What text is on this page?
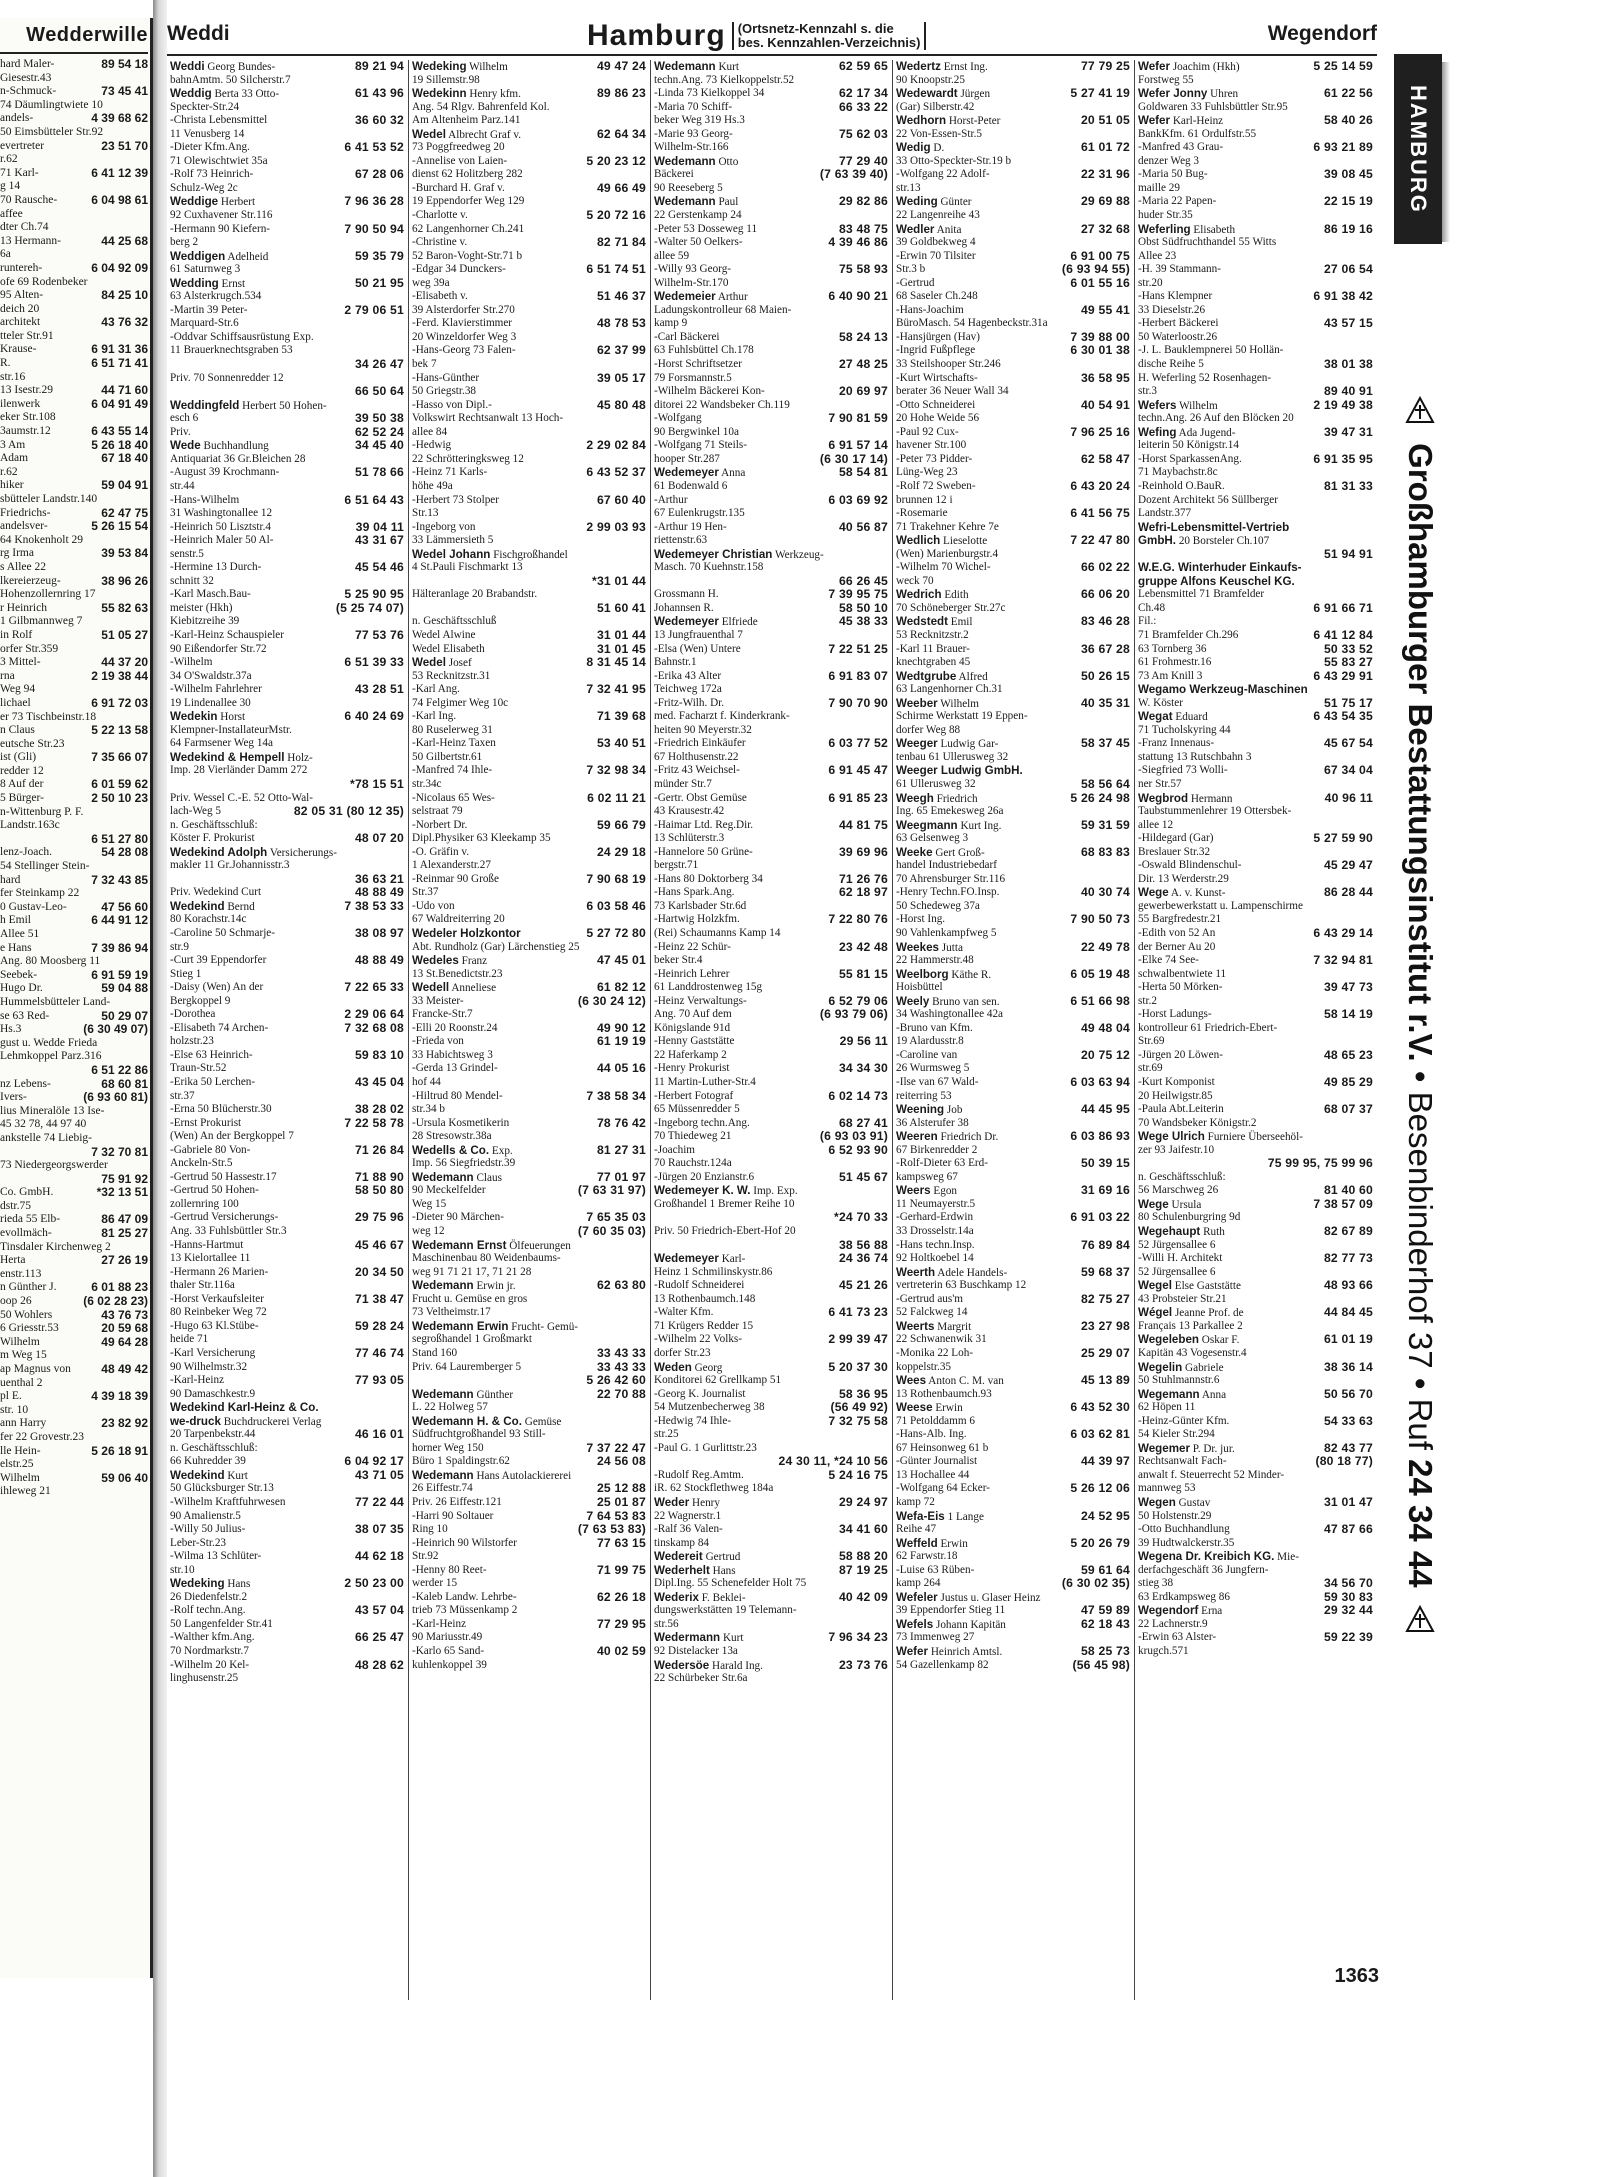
Wedderwille
hard Maler-	89 54 18
Giesestr.43
n-Schmuck-	73 45 41
74 Däumlingtwiete 10
andels-	4 39 68 62
50 Eimsbütteler Str.92
evertreter	23 51 70
r.62
71 Karl-	6 41 12 39
g 14
70 Rausche-	6 04 98 61
affee
dter Ch.74
13 Hermann-	44 25 68
6a
runtereh-	6 04 92 09
ofe 69 Rodenbeker
95 Alten-	84 25 10
deich 20
architekt	43 76 32
tteler Str.91
Krause-	6 91 31 36
R.	6 51 71 41
str.16
13 Isestr.29	44 71 60
ilenwerk	6 04 91 49
eker Str.108
3aumstr.12	6 43 55 14
3 Am	5 26 18 40
Adam	67 18 40
r.62
hiker	59 04 91
sbütteler Landstr.140
Friedrichs-	62 47 75
andelsver-	5 26 15 54
64 Knokenholt 29
rg Irma	39 53 84
s Allee 22
lkereierzeug-	38 96 26
Hohenzollernring 17
r Heinrich	55 82 63
1 Gilbmannweg 7
in Rolf	51 05 27
orfer Str.359
3 Mittel-	44 37 20
rna	2 19 38 44
Weg 94
lichael	6 91 72 03
er 73 Tischbeinstr.18
n Claus	5 22 13 58
eutsche Str.23
ist (Gli)	7 35 66 07
redder 12
8 Auf der	6 01 59 62
5 Bürger-	2 50 10 23
n-Wittenburg P. F.
Landstr.163c
6 51 27 80
lenz-Joach.	54 28 08
54 Stellinger Stein-
hard	7 32 43 85
fer Steinkamp 22
0 Gustav-Leo-	47 56 60
h Emil	6 44 91 12
Allee 51
e Hans	7 39 86 94
Ang. 80 Moosberg 11
Seebek-	6 91 59 19
Hugo Dr.	59 04 88
Hummelsbütteler Land-
se 63 Red-	50 29 07
Hs.3	(6 30 49 07)
gust u. Wedde Frieda
Lehmkoppel Parz.316
6 51 22 86
nz Lebens-	68 60 81
Ivers-	(6 93 60 81)
lius Mineralöle 13 Ise-
45 32 78, 44 97 40
ankstelle 74 Liebig-
7 32 70 81
73 Niedergeorgswerder
75 91 92
Co. GmbH.	*32 13 51
dstr.75
rieda 55 Elb-	86 47 09
evollmäch-	81 25 27
Tinsdaler Kirchenweg 2
Herta	27 26 19
enstr.113
n Günther J.	6 01 88 23
oop 26	(6 02 28 23)
50 Wohlers	43 76 73
6 Griesstr.53	20 59 68
Wilhelm	49 64 28
m Weg 15
ap Magnus von	48 49 42
uenthal 2
pl E.	4 39 18 39
str. 10
ann Harry	23 82 92
fer 22 Grovestr.23
lle Hein-	5 26 18 91
elstr.25
Wilhelm	59 06 40
ihleweg 21
Weddi	Hamburg (Ortsnetz-Kennzahl s. die
bes. Kennzahlen-Verzeichnis)	Wegendorf
Weddi Georg Bundes-	89 21 94
bahnAmtm. 50 Silcherstr.7
Weddig Berta 33 Otto-	61 43 96
Speckter-Str.24
-Christa Lebensmittel	36 60 32
11 Venusberg 14
-Dieter Kfm.Ang.	6 41 53 52
71 Olewischtwiet 35a
-Rolf 73 Heinrich-	67 28 06
Schulz-Weg 2c
Weddige Herbert	7 96 36 28
92 Cuxhavener Str.116
-Hermann 90 Kiefern-	7 90 50 94
berg 2
Weddigen Adelheid	59 35 79
61 Saturnweg 3
Wedding Ernst	50 21 95
63 Alsterkrugch.534
-Martin 39 Peter-	2 79 06 51
Marquard-Str.6
-Oddvar Schiffsausrüstung Exp.
11 Brauerknechtsgraben 53
34 26 47
Priv. 70 Sonnenredder 12
66 50 64
Weddingfeld Herbert 50 Hohen-
esch 6	39 50 38
Priv.	62 52 24
Wede Buchhandlung	34 45 40
Antiquariat 36 Gr.Bleichen 28
-August 39 Krochmann-	51 78 66
str.44
-Hans-Wilhelm	6 51 64 43
31 Washingtonallee 12
-Heinrich 50 Lisztstr.4	39 04 11
-Heinrich Maler 50 Al-	43 31 67
senstr.5
-Hermine 13 Durch-	45 54 46
schnitt 32
-Karl Masch.Bau-	5 25 90 95
meister (Hkh)	(5 25 74 07)
Kiebitzreihe 39
-Karl-Heinz Schauspieler	77 53 76
90 Eißendorfer Str.72
-Wilhelm	6 51 39 33
34 O'Swaldstr.37a
-Wilhelm Fahrlehrer	43 28 51
19 Lindenallee 30
Wedekin Horst	6 40 24 69
Klempner-InstallateurMstr.
64 Farmsener Weg 14a
Wedekind & Hempell Holz-
Imp. 28 Vierländer Damm 272
*78 15 51
Priv. Wessel C.-E. 52 Otto-Wal-
lach-Weg 5	82 05 31 (80 12 35)
n. Geschäftsschluß:
Köster F. Prokurist	48 07 20
Wedekind Adolph Versicherungs-
makler 11 Gr.Johannisstr.3
36 63 21
Priv. Wedekind Curt	48 88 49
Wedekind Bernd	7 38 53 33
80 Korachstr.14c
-Caroline 50 Schmarje-	38 08 97
str.9
-Curt 39 Eppendorfer	48 88 49
Stieg 1
-Daisy (Wen) An der	7 22 65 33
Bergkoppel 9
-Dorothea	2 29 06 64
-Elisabeth 74 Archen-	7 32 68 08
holzstr.23
-Else 63 Heinrich-	59 83 10
Traun-Str.52
-Erika 50 Lerchen-	43 45 04
str.37
-Erna 50 Blücherstr.30	38 28 02
-Ernst Prokurist	7 22 58 78
(Wen) An der Bergkoppel 7
-Gabriele 80 Von-	71 26 84
Anckeln-Str.5
-Gertrud 50 Hassestr.17	71 88 90
-Gertrud 50 Hohen-	58 50 80
zollernring 100
-Gertrud Versicherungs-	29 75 96
Ang. 33 Fuhlsbüttler Str.3
-Hanns-Hartmut	45 46 67
13 Kielortallee 11
-Hermann 26 Marien-	20 34 50
thaler Str.116a
-Horst Verkaufsleiter	71 38 47
80 Reinbeker Weg 72
-Hugo 63 Kl.Stübe-	59 28 24
heide 71
-Karl Versicherung	77 46 74
90 Wilhelmstr.32
-Karl-Heinz	77 93 05
90 Damaschkestr.9
Wedekind Karl-Heinz & Co.
we-druck Buchdruckerei Verlag
20 Tarpenbekstr.44	46 16 01
n. Geschäftsschluß:
66 Kuhredder 39	6 04 92 17
Wedekind Kurt	43 71 05
50 Glücksburger Str.13
-Wilhelm Kraftfuhrwesen	77 22 44
90 Amalienstr.5
-Willy 50 Julius-	38 07 35
Leber-Str.23
-Wilma 13 Schlüter-	44 62 18
str.10
Wedeking Hans	2 50 23 00
26 Diedenfelstr.2
-Rolf techn.Ang.	43 57 04
50 Langenfelder Str.41
-Walther kfm.Ang.	66 25 47
70 Nordmarkstr.7
-Wilhelm 20 Kel-	48 28 62
linghusenstr.25
Wedeking Wilhelm	49 47 24
19 Sillemstr.98
Wedekinn Henry kfm.	89 86 23
Ang. 54 Rlgv. Bahrenfeld Kol.
Am Altenheim Parz.141
Wedel Albrecht Graf v.	62 64 34
73 Poggfreedweg 20
-Annelise von Laien-	5 20 23 12
dienst 62 Holitzberg 282
-Burchard H. Graf v.	49 66 49
19 Eppendorfer Weg 129
-Charlotte v.	5 20 72 16
62 Langenhorner Ch.241
-Christine v.	82 71 84
52 Baron-Voght-Str.71 b
-Edgar 34 Dunckers-	6 51 74 51
weg 39a
-Elisabeth v.	51 46 37
39 Alsterdorfer Str.270
-Ferd. Klaviersti​mmer	48 78 53
20 Winzeldorfer Weg 3
-Hans-Georg 73 Falen-	62 37 99
bek 7
-Hans-Günther	39 05 17
50 Griegstr.38
-Hasso von Dipl.-	45 80 48
Volkswirt Rechtsanwalt 13 Hoch-
allee 84
-Hedwig	2 29 02 84
22 Schrötteringksweg 12
-Heinz 71 Karls-	6 43 52 37
höhe 49a
-Herbert 73 Stolper	67 60 40
Str.13
-Ingeborg von	2 99 03 93
33 Lämmersieth 5
Wedel Johann Fischgroßhandel
4 St.Pauli Fischmarkt 13
*31 01 44
Hälteranlage 20 Brabandstr.
51 60 41
n. Geschäftsschluß
Wedel Alwine	31 01 44
Wedel Elisabeth	31 01 45
Wedel Josef	8 31 45 14
53 Recknitzstr.31
-Karl Ang.	7 32 41 95
74 Felgimer Weg 10c
-Karl Ing.	71 39 68
80 Ruselerweg 31
-Karl-Heinz Taxen	53 40 51
50 Gilbertstr.61
-Manfred 74 Ihle-	7 32 98 34
str.34c
-Nicolaus 65 Wes-	6 02 11 21
selstraat 79
-Norbert Dr.	59 66 79
Dipl.Physiker 63 Kleekamp 35
-O. Gräfin v.	24 29 18
1 Alexanderstr.27
-Reinmar 90 Große	7 90 68 19
Str.37
-Udo von	6 03 58 46
67 Waldreiterring 20
Wedeler Holzkontor	5 27 72 80
Abt. Rundholz (Gar) Lärchenstieg 25
Wedeles Franz	47 45 01
13 St.Benedictstr.23
Wedell Anneliese	61 82 12
33 Meister-	(6 30 24 12)
Francke-Str.7
-Elli 20 Roonstr.24	49 90 12
-Frieda von	61 19 19
33 Habichtsweg 3
-Gerda 13 Grindel-	44 05 16
hof 44
-Hiltrud 80 Mendel-	7 38 58 34
str.34 b
-Ursula Kosmetikerin	78 76 42
28 Stresowstr.38a
Wedells & Co. Exp.	81 27 31
Imp. 56 Siegfriedstr.39
Wedemann Claus	77 01 97
90 Meckelfelder	(7 63 31 97)
Weg 15
-Dieter 90 Märchen-	7 65 35 03
weg 12	(7 60 35 03)
Wedemann Ernst Ölfeuerungen
Maschinenbau 80 Weidenbaums-
weg 91 71 21 17, 71 21 28
Wedemann Erwin jr.	62 63 80
Frucht u. Gemüse en gros
73 Veltheimstr.17
Wedemann Erwin Frucht- Gemü-
segroßhandel 1 Großmarkt
Stand 160	33 43 33
Priv. 64 Lauremberger 5	33 43 33
5 26 42 60
Wedemann Günther	22 70 88
L. 22 Holweg 57
Wedemann H. & Co. Gemüse
Südfruchtgroßhandel 93 Still-
horner Weg 150	7 37 22 47
Büro 1 Spaldingstr.62	24 56 08
Wedemann Hans Autolackiererei
26 Eiffestr.74	25 12 88
Priv. 26 Eiffestr.121	25 01 87
-Harri 90 Soltauer	7 64 53 83
Ring 10	(7 63 53 83)
-Heinrich 90 Wilstorfer	77 63 15
Str.92
-Henny 80 Reet-	71 99 75
werder 15
-Kaleb Landw. Lehrbe-	62 26 18
trieb 73 Müssenkamp 2
-Karl-Heinz	77 29 95
90 Mariusstr.49
-Karlo 65 Sand-	40 02 59
kuhlenkoppel 39
Wedemann Kurt	62 59 65
techn.Ang. 73 Kielkoppelstr.52
-Linda 73 Kielkoppel 34	62 17 34
-Maria 70 Schiff-	66 33 22
beker Weg 319 Hs.3
-Marie 93 Georg-	75 62 03
Wilhelm-Str.166
Wedemann Otto	77 29 40
Bäckerei	(7 63 39 40)
90 Reeseberg 5
Wedemann Paul	29 82 86
22 Gerstenkamp 24
-Peter 53 Dosseweg 11	83 48 75
-Walter 50 Oelkers-	4 39 46 86
allee 59
-Willy 93 Georg-	75 58 93
Wilhelm-Str.170
Wedemeier Arthur	6 40 90 21
Ladungskontrolleur 68 Maien-
kamp 9
-Carl Bäckerei	58 24 13
63 Fuhlsbüttel Ch.178
-Horst Schriftsetzer	27 48 25
79 Forsmannstr.5
-Wilhelm Bäckerei Kon-	20 69 97
ditorei 22 Wandsbeker Ch.119
-Wolfgang	7 90 81 59
90 Bergwinkel 10a
-Wolfgang 71 Steils-	6 91 57 14
hooper Str.287	(6 30 17 14)
Wedemeyer Anna	58 54 81
61 Bodenwald 6
-Arthur	6 03 69 92
67 Eulenkrugstr.135
-Arthur 19 Hen-	40 56 87
riettenstr.63
Wedemeyer Christian Werkzeug-
Masch. 70 Kuehnstr.158
66 26 45
Grossmann H.	7 39 95 75
Johannsen R.	58 50 10
Wedemeyer Elfriede	45 38 33
13 Jungfrauenthal 7
-Elsa (Wen) Untere	7 22 51 25
Bahnstr.1
-Erika 43 Alter	6 91 83 07
Teichweg 172a
-Fritz-Wilh. Dr.	7 90 70 90
med. Facharzt f. Kinderkrank-
heiten 90 Meyerstr.32
-Friedrich Einkäufer	6 03 77 52
67 Holthusenstr.22
-Fritz 43 Weichsel-	6 91 45 47
münder Str.7
-Gertr. Obst Gemüse	6 91 85 23
43 Krausestr.42
-Haimar Ltd. Reg.Dir.	44 81 75
13 Schlüterstr.3
-Hannelore 50 Grüne-	39 69 96
bergstr.71
-Hans 80 Doktorberg 34	71 26 76
-Hans Spark.Ang.	62 18 97
73 Karlsbader Str.6d
-Hartwig Holzkfm.	7 22 80 76
(Rei) Schaumanns Kamp 14
-Heinz 22 Schür-	23 42 48
beker Str.4
-Heinrich Lehrer	55 81 15
61 Landdrostenweg 15g
-Heinz Verwaltungs-	6 52 79 06
Ang. 70 Auf dem	(6 93 79 06)
Königslande 91d
-Henny Gaststätte	29 56 11
22 Haferkamp 2
-Henry Prokurist	34 34 30
11 Martin-Luther-Str.4
-Herbert Fotograf	6 02 14 73
65 Müssenredder 5
-Ingeborg techn.Ang.	68 27 41
70 Thiedeweg 21	(6 93 03 91)
-Joachim	6 52 93 90
70 Rauchstr.124a
-Jürgen 20 Enzianstr.6	51 45 67
Wedemeyer K. W. Imp. Exp.
Großhandel 1 Bremer Reihe 10
*24 70 33
Priv. 50 Friedrich-Ebert-Hof 20
38 56 88
Wedemeyer Karl-	24 36 74
Heinz 1 Schmilinskystr.86
-Rudolf Schneiderei	45 21 26
13 Rothenbaumch.148
-Walter Kfm.	6 41 73 23
71 Krügers Redder 15
-Wilhelm 22 Volks-	2 99 39 47
dorfer Str.23
Weden Georg	5 20 37 30
Konditorei 62 Grellkamp 51
-Georg K. Journalist	58 36 95
54 Mutzenbecherweg 38	(56 49 92)
-Hedwig 74 Ihle-	7 32 75 58
str.25
-Paul G. 1 Gurlittstr.23
24 30 11, *24 10 56
-Rudolf Reg.Amtm.	5 24 16 75
iR. 62 Stockflethweg 184a
Weder Henry	29 24 97
22 Wagnerstr.1
-Ralf 36 Valen-	34 41 60
tinskamp 84
Wedereit Gertrud	58 88 20
Wederhelt Hans	87 19 25
Dipl.Ing. 55 Schenefelder Holt 75
Wederix F. Beklei-	40 42 09
dungswerkstätten 19 Telemann-
str.56
Wedermann Kurt	7 96 34 23
92 Distelacker 13a
Wedersöe Harald Ing.	23 73 76
22 Schürbeker Str.6a
Wedertz Ernst Ing.	77 79 25
90 Knoopstr.25
Wedewardt Jürgen	5 27 41 19
(Gar) Silberstr.42
Wedhorn Horst-Peter	20 51 05
22 Von-Essen-Str.5
Wedig D.	61 01 72
33 Otto-Speckter-Str.19 b
-Wolfgang 22 Adolf-	22 31 96
str.13
Weding Günter	29 69 88
22 Langenreihe 43
Wedler Anita	27 32 68
39 Goldbekweg 4
-Erwin 70 Tilsiter	6 91 00 75
Str.3 b	(6 93 94 55)
-Gertrud	6 01 55 16
68 Saseler Ch.248
-Hans-Joachim	49 55 41
BüroMasch. 54 Hagenbeckstr.31a
-Hansjürgen (Hav)	7 39 88 00
-Ingrid Fußpflege	6 30 01 38
33 Steilshooper Str.246
-Kurt Wirtschafts-	36 58 95
berater 36 Neuer Wall 34
-Otto Schneiderei	40 54 91
20 Hohe Weide 56
-Paul 92 Cux-	7 96 25 16
havener Str.100
-Peter 73 Pidder-	62 58 47
Lüng-Weg 23
-Rolf 72 Sweben-	6 43 20 24
brunnen 12 i
-Rosemarie	6 41 56 75
71 Trakehner Kehre 7e
Wedlich Lieselotte	7 22 47 80
(Wen) Marienburgstr.4
-Wilhelm 70 Wichel-	66 02 22
weck 70
Wedrich Edith	66 06 20
70 Schöneberger Str.27c
Wedstedt Emil	83 46 28
53 Recknitzstr.2
-Karl 11 Brauer-	36 67 28
knechtgraben 45
Wedtgrube Alfred	50 26 15
63 Langenhorner Ch.31
Weeber Wilhelm	40 35 31
Schirme Werkstatt 19 Eppen-
dorfer Weg 88
Weeger Ludwig Gar-	58 37 45
tenbau 61 Ullerusweg 32
Weeger Ludwig GmbH.
61 Ullerusweg 32	58 56 64
Weegh Friedrich	5 26 24 98
Ing. 65 Emekesweg 26a
Weegmann Kurt Ing.	59 31 59
63 Gelsenweg 3
Weeke Gert Groß-	68 83 83
handel Industriebedarf
70 Ahrensburger Str.116
-Henry Techn.FO.Insp.	40 30 74
50 Schedeweg 37a
-Horst Ing.	7 90 50 73
90 Vahlenkampfweg 5
Weekes Jutta	22 49 78
22 Hammerstr.48
Weelborg Käthe R.	6 05 19 48
Hoisbüttel
Weely Bruno van sen.	6 51 66 98
34 Washingtonallee 42a
-Bruno van Kfm.	49 48 04
19 Alardusstr.8
-Caroline van	20 75 12
26 Wurmsweg 5
-Ilse van 67 Wald-	6 03 63 94
reiterring 53
Weening Job	44 45 95
36 Alsterufer 38
Weeren Friedrich Dr.	6 03 86 93
67 Birkenredder 2
-Rolf-Dieter 63 Erd-	50 39 15
kampsweg 67
Weers Egon	31 69 16
11 Neumayerstr.5
-Gerhard-Erdwin	6 91 03 22
33 Drosselstr.14a
-Hans techn.Insp.	76 89 84
92 Holtkoebel 14
Weerth Adele Handels-	59 68 37
vertreterin 63 Buschkamp 12
-Gertrud aus'm	82 75 27
52 Falckweg 14
Weerts Margrit	23 27 98
22 Schwanenwik 31
-Monika 22 Loh-	25 29 07
koppelstr.35
Wees Anton C. M. van	45 13 89
13 Rothenbaumch.93
Weese Erwin	6 43 52 30
71 Petolddamm 6
-Hans-Alb. Ing.	6 03 62 81
67 Heinsonweg 61 b
-Günter Journalist	44 39 97
13 Hochallee 44
-Wolfgang 64 Ecker-	5 26 12 06
kamp 72
Wefa-Eis 1 Lange	24 52 95
Reihe 47
Weffeld Erwin	5 20 26 79
62 Farwstr.18
-Luise 63 Rüben-	59 61 64
kamp 264	(6 30 02 35)
Wefeler Justus u. Glaser Heinz
39 Eppendorfer Stieg 11	47 59 89
Wefels Johann Kapitän	62 18 43
73 Immenweg 27
Wefer Heinrich Amtsl.	58 25 73
54 Gazellenkamp 82	(56 45 98)
Wefer Joachim (Hkh)	5 25 14 59
Forstweg 55
Wefer Jonny Uhren	61 22 56
Goldwaren 33 Fuhlsbüttler Str.95
Wefer Karl-Heinz	58 40 26
BankKfm. 61 Ordulfstr.55
-Manfred 43 Grau-	6 93 21 89
denzer Weg 3
-Maria 50 Bug-	39 08 45
maille 29
-Maria 22 Papen-	22 15 19
huder Str.35
Weferling Elisabeth	86 19 16
Obst Südfruchthandel 55 Witts
Allee 23
-H. 39 Stammann-	27 06 54
str.20
-Hans Klempner	6 91 38 42
33 Dieselstr.26
-Herbert Bäckerei	43 57 15
50 Waterloostr.26
-J. L. Bauklempnerei 50 Hollän-
dische Reihe 5	38 01 38
H. Weferling 52 Rosenhagen-
str.3	89 40 91
Wefers Wilhelm	2 19 49 38
techn.Ang. 26 Auf den Blöcken 20
Wefing Ada Jugend-	39 47 31
leiterin 50 Königstr.14
-Horst SparkassenAng.	6 91 35 95
71 Maybachstr.8c
-Reinhold O.BauR.	81 31 33
Dozent Architekt 56 Süllberger
Landstr.377
Wefri-Lebensmittel-Vertrieb
GmbH. 20 Borsteler Ch.107
51 94 91
W.E.G. Winterhuder Einkaufs-
gruppe Alfons Keuschel KG.
Lebensmittel 71 Bramfelder
Ch.48	6 91 66 71
Fil.:
71 Bramfelder Ch.296	6 41 12 84
63 Tornberg 36	50 33 52
61 Frohmestr.16	55 83 27
73 Am Knill 3	6 43 29 91
Wegamo Werkzeug-Maschinen
W. Köster	51 75 17
Wegat Eduard	6 43 54 35
71 Tucholskyring 44
-Franz Innenaus-	45 67 54
stattung 13 Rutschbahn 3
-Siegfried 73 Wolli-	67 34 04
ner Str.57
Wegbrod Hermann	40 96 11
Taubstummenlehrer 19 Ottersbek-
allee 12
-Hildegard (Gar)	5 27 59 90
Breslauer Str.32
-Oswald Blindenschul-	45 29 47
Dir. 13 Werderstr.29
Wege A. v. Kunst-	86 28 44
gewerbewerkstatt u. Lampenschirme
55 Bargfredestr.21
-Edith von 52 An	6 43 29 14
der Berner Au 20
-Elke 74 See-	7 32 94 81
schwalbentwiete 11
-Herta 50 Mörken-	39 47 73
str.2
-Horst Ladungs-	58 14 19
kontrolleur 61 Friedrich-Ebert-
Str.69
-Jürgen 20 Löwen-	48 65 23
str.69
-Kurt Komponist	49 85 29
20 Heilwigstr.85
-Paula Abt.Leiterin	68 07 37
70 Wandsbeker Königstr.2
Wege Ulrich Furniere Überseehöl-
zer 93 Jaifestr.10
75 99 95, 75 99 96
n. Geschäftsschluß:
56 Marschweg 26	81 40 60
Wege Ursula	7 38 57 09
80 Schulenburgring 9d
Wegehaupt Ruth	82 67 89
52 Jürgensallee 6
-Willi H. Architekt	82 77 73
52 Jürgensallee 6
Wegel Else Gaststätte	48 93 66
43 Probsteier Str.21
Wégel Jeanne Prof. de	44 84 45
Français 13 Parkallee 2
Wegeleben Oskar F.	61 01 19
Kapitän 43 Vogesenstr.4
Wegelin Gabriele	38 36 14
50 Stuhlmannstr.6
Wegemann Anna	50 56 70
62 Höpen 11
-Heinz-Günter Kfm.	54 33 63
54 Kieler Str.294
Wegemer P. Dr. jur.	82 43 77
Rechtsanwalt Fach-	(80 18 77)
anwalt f. Steuerrecht 52 Minder-
mannweg 53
Wegen Gustav	31 01 47
50 Holstenstr.29
-Otto Buchhandlung	47 87 66
39 Hudtwalckerstr.35
Wegena Dr. Kreibich KG. Mie-
derfachgeschäft 36 Jungfern-
stieg 38	34 56 70
63 Erdkampsweg 86	59 30 83
Wegendorf Erna	29 32 44
22 Lachnerstr.9
-Erwin 63 Alster-	59 22 39
krugch.571
1363
HAMBURG
Großhamburger Bestattungsinstitut r.V. • Besenbinderhof 37 • Ruf 24 34 44
